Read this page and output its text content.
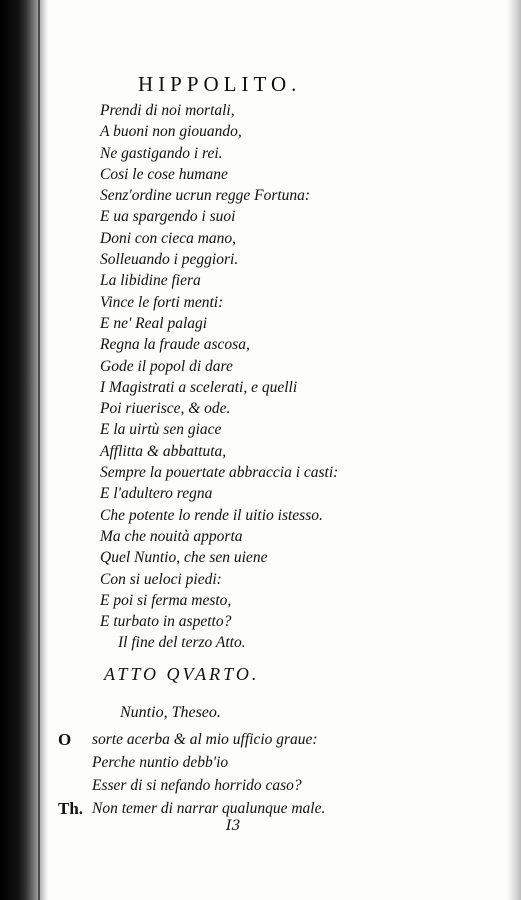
HIPPOLITO.
Prendi di noi mortali,
A buoni non giouando,
Ne gastigando i rei.
Cosi le cose humane
Senz'ordine ucrun regge Fortuna:
E ua spargendo i suoi
Doni con cieca mano,
Solleuando i peggiori.
La libidine fiera
Vince le forti menti:
E ne' Real palagi
Regna la fraude ascosa,
Gode il popol di dare
I Magistrati a scelerati, e quelli
Poi riuerisce, & ode.
E la uirtù sen giace
Afflitta & abbattuta,
Sempre la pouertate abbraccia i casti:
E l'adultero regna
Che potente lo rende il uitio istesso.
Ma che nouità apporta
Quel Nuntio, che sen uiene
Con si ueloci piedi:
E poi si ferma mesto,
E turbato in aspetto?
Il fine del terzo Atto.
ATTO QVARTO.
Nuntio, Theseo.
O	sorte acerba & al mio ufficio graue:
Perche nuntio debb'io
Esser di si nefando horrido caso?
Th. Non temer di narrar qualunque male.
I3
